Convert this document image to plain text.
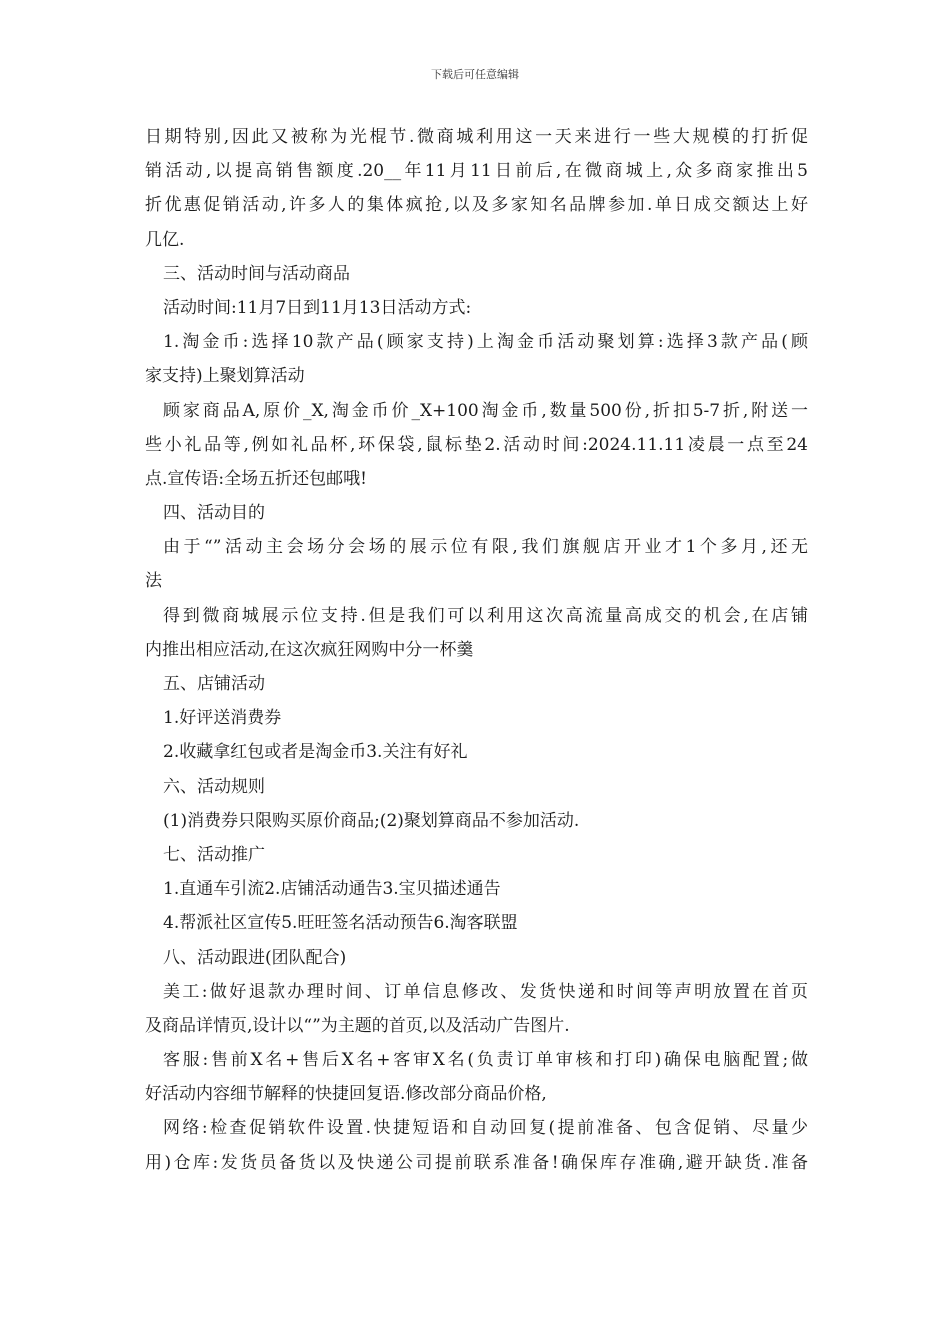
下载后可任意编辑
日期特别,因此又被称为光棍节.微商城利用这一天来进行一些大规模的打折促
销活动,以提高销售额度.20__年11月11日前后,在微商城上,众多商家推出5
折优惠促销活动,许多人的集体疯抢,以及多家知名品牌参加.单日成交额达上好
几亿.
三、活动时间与活动商品
活动时间:11月7日到11月13日活动方式:
1.淘金币:选择10款产品(顾家支持)上淘金币活动聚划算:选择3款产品(顾
家支持)上聚划算活动
顾家商品A,原价_X,淘金币价_X+100淘金币,数量500份,折扣5-7折,附送一
些小礼品等,例如礼品杯,环保袋,鼠标垫2.活动时间:2024.11.11凌晨一点至24
点.宣传语:全场五折还包邮哦!
四、活动目的
由于“”活动主会场分会场的展示位有限,我们旗舰店开业才1个多月,还无
法
得到微商城展示位支持.但是我们可以利用这次高流量高成交的机会,在店铺
内推出相应活动,在这次疯狂网购中分一杯羹
五、店铺活动
1.好评送消费券
2.收藏拿红包或者是淘金币3.关注有好礼
六、活动规则
(1)消费券只限购买原价商品;(2)聚划算商品不参加活动.
七、活动推广
1.直通车引流2.店铺活动通告3.宝贝描述通告
4.帮派社区宣传5.旺旺签名活动预告6.淘客联盟
八、活动跟进(团队配合)
美工:做好退款办理时间、订单信息修改、发货快递和时间等声明放置在首页
及商品详情页,设计以“”为主题的首页,以及活动广告图片.
客服:售前X名+售后X名+客审X名(负责订单审核和打印)确保电脑配置;做
好活动内容细节解释的快捷回复语.修改部分商品价格,
网络:检查促销软件设置.快捷短语和自动回复(提前准备、包含促销、尽量少
用)仓库:发货员备货以及快递公司提前联系准备!确保库存准确,避开缺货.准备
